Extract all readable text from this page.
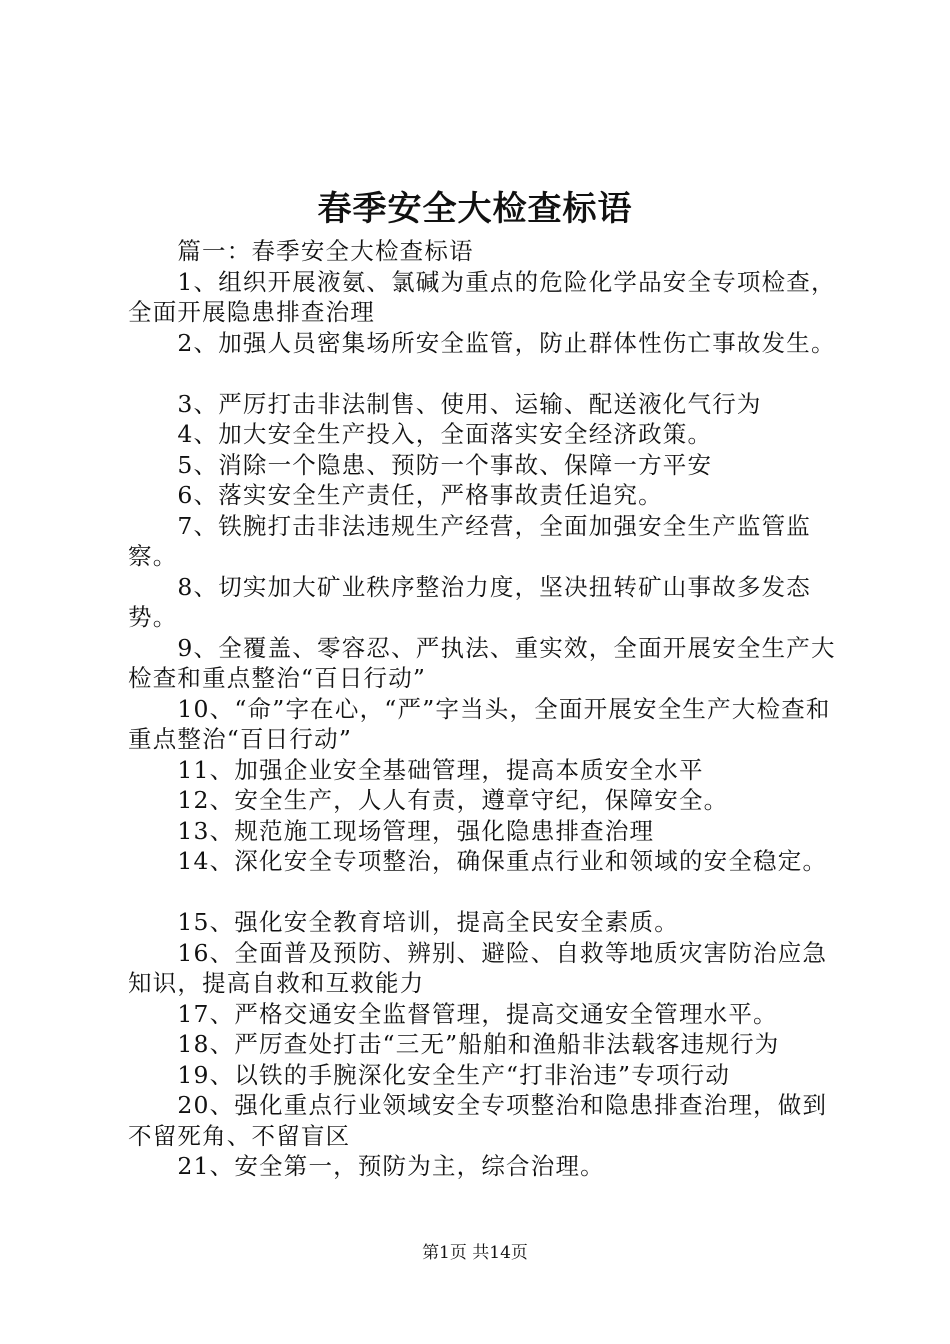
春季安全大检查标语

篇一：春季安全大检查标语

1、组织开展液氨、氯碱为重点的危险化学品安全专项检查，全面开展隐患排查治理

2、加强人员密集场所安全监管，防止群体性伤亡事故发生。

3、严厉打击非法制售、使用、运输、配送液化气行为

4、加大安全生产投入，全面落实安全经济政策。

5、消除一个隐患、预防一个事故、保障一方平安

6、落实安全生产责任，严格事故责任追究。

7、铁腕打击非法违规生产经营，全面加强安全生产监管监察。

8、切实加大矿业秩序整治力度，坚决扭转矿山事故多发态势。

9、全覆盖、零容忍、严执法、重实效，全面开展安全生产大检查和重点整治“百日行动”

10、“命”字在心，“严”字当头，全面开展安全生产大检查和重点整治“百日行动”

11、加强企业安全基础管理，提高本质安全水平

12、安全生产，人人有责，遵章守纪，保障安全。

13、规范施工现场管理，强化隐患排查治理

14、深化安全专项整治，确保重点行业和领域的安全稳定。

15、强化安全教育培训，提高全民安全素质。

16、全面普及预防、辨别、避险、自救等地质灾害防治应急知识，提高自救和互救能力

17、严格交通安全监督管理，提高交通安全管理水平。

18、严厉查处打击“三无”船舶和渔船非法载客违规行为

19、以铁的手腕深化安全生产“打非治违”专项行动

20、强化重点行业领域安全专项整治和隐患排查治理，做到不留死角、不留盲区

21、安全第一，预防为主，综合治理。

第1页 共14页
